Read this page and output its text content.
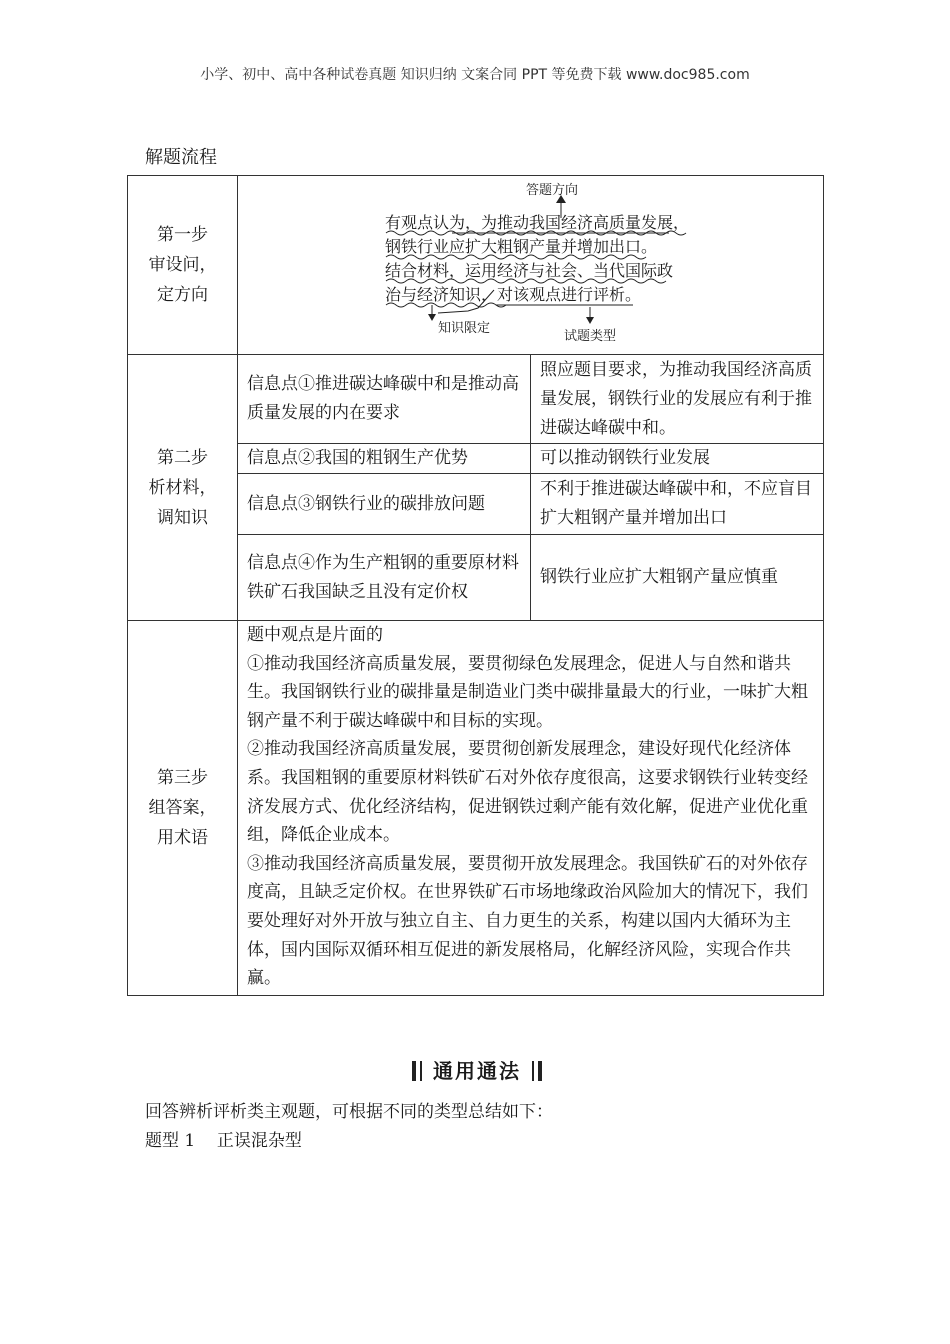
小学、初中、高中各种试卷真题 知识归纳 文案合同 PPT 等免费下载 www.doc985.com
解题流程
第一步
审设问，
定方向
答题方向
有观点认为，为推动我国经济高质量发展，
钢铁行业应扩大粗钢产量并增加出口。
结合材料，运用经济与社会、当代国际政
治与经济知识，对该观点进行评析。
知识限定
试题类型
第二步
析材料，
调知识
信息点①推进碳达峰碳中和是推动高质量发展的内在要求
照应题目要求，为推动我国经济高质量发展，钢铁行业的发展应有利于推进碳达峰碳中和。
信息点②我国的粗钢生产优势	可以推动钢铁行业发展
信息点③钢铁行业的碳排放问题
不利于推进碳达峰碳中和，不应盲目扩大粗钢产量并增加出口
信息点④作为生产粗钢的重要原材料铁矿石我国缺乏且没有定价权
钢铁行业应扩大粗钢产量应慎重
第三步
组答案，
用术语
题中观点是片面的
①推动我国经济高质量发展，要贯彻绿色发展理念，促进人与自然和谐共生。我国钢铁行业的碳排量是制造业门类中碳排量最大的行业，一味扩大粗钢产量不利于碳达峰碳中和目标的实现。
②推动我国经济高质量发展，要贯彻创新发展理念，建设好现代化经济体系。我国粗钢的重要原材料铁矿石对外依存度很高，这要求钢铁行业转变经济发展方式、优化经济结构，促进钢铁过剩产能有效化解，促进产业优化重组，降低企业成本。
③推动我国经济高质量发展，要贯彻开放发展理念。我国铁矿石的对外依存度高，且缺乏定价权。在世界铁矿石市场地缘政治风险加大的情况下，我们要处理好对外开放与独立自主、自力更生的关系，构建以国内大循环为主体，国内国际双循环相互促进的新发展格局，化解经济风险，实现合作共赢。
通用通法
回答辨析评析类主观题，可根据不同的类型总结如下：
题型 1    正误混杂型
